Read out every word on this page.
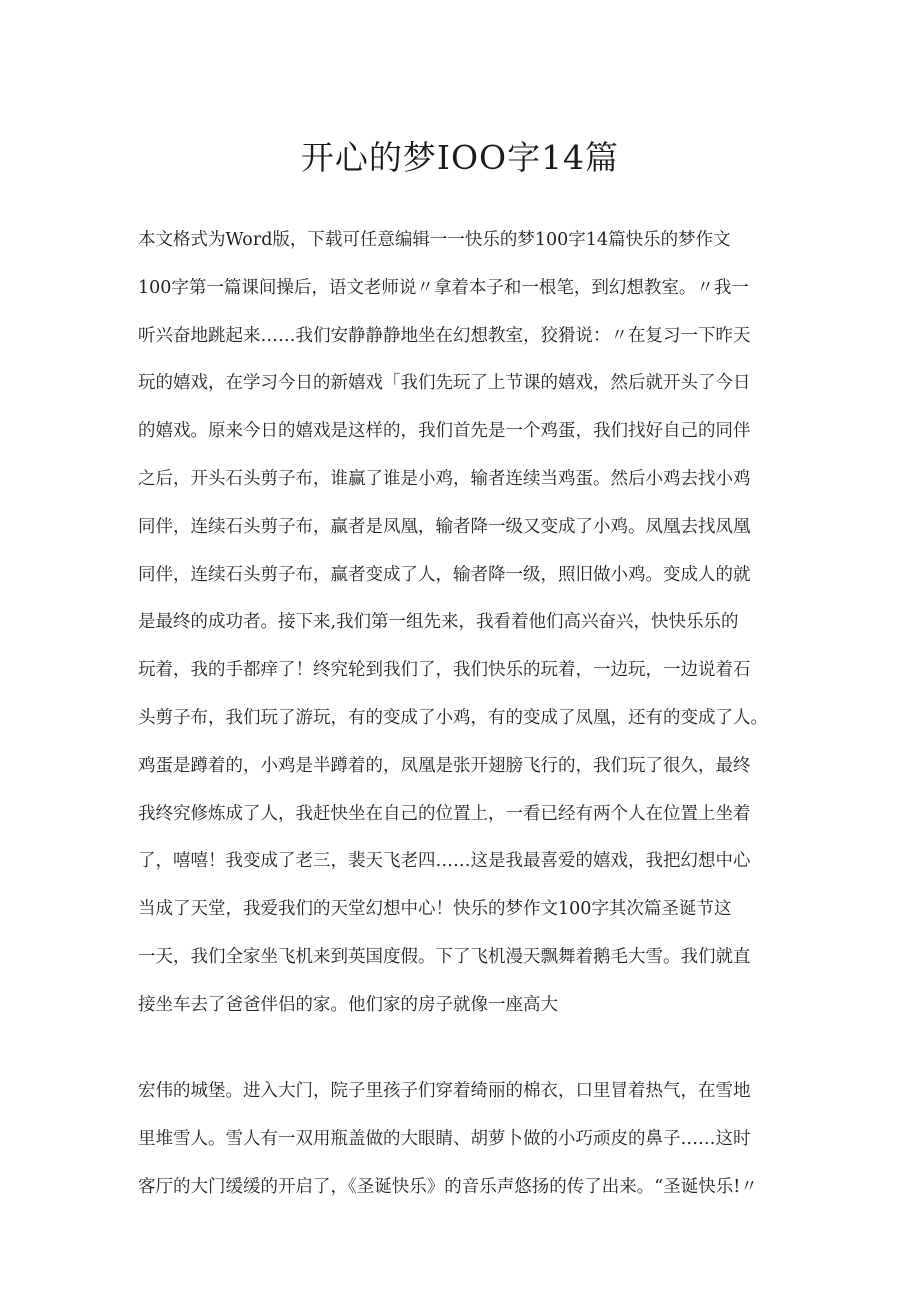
开心的梦IOO字14篇
本文格式为Word版，下载可任意编辑一一快乐的梦100字14篇快乐的梦作文
100字第一篇课间操后，语文老师说〃拿着本子和一根笔，到幻想教室。〃我一
听兴奋地跳起来……我们安静静静地坐在幻想教室，狡猾说：〃在复习一下昨天
玩的嬉戏，在学习今日的新嬉戏「我们先玩了上节课的嬉戏，然后就开头了今日
的嬉戏。原来今日的嬉戏是这样的，我们首先是一个鸡蛋，我们找好自己的同伴
之后，开头石头剪子布，谁赢了谁是小鸡，输者连续当鸡蛋。然后小鸡去找小鸡
同伴，连续石头剪子布，赢者是凤凰，输者降一级又变成了小鸡。凤凰去找凤凰
同伴，连续石头剪子布，赢者变成了人，输者降一级，照旧做小鸡。变成人的就
是最终的成功者。接下来,我们第一组先来，我看着他们高兴奋兴，快快乐乐的
玩着，我的手都痒了！终究轮到我们了，我们快乐的玩着，一边玩，一边说着石
头剪子布，我们玩了游玩，有的变成了小鸡，有的变成了凤凰，还有的变成了人。
鸡蛋是蹲着的，小鸡是半蹲着的，凤凰是张开翅膀飞行的，我们玩了很久，最终
我终究修炼成了人，我赶快坐在自己的位置上，一看已经有两个人在位置上坐着
了，嘻嘻！我变成了老三，裴天飞老四……这是我最喜爱的嬉戏，我把幻想中心
当成了天堂，我爱我们的天堂幻想中心！快乐的梦作文100字其次篇圣诞节这
一天，我们全家坐飞机来到英国度假。下了飞机漫天飘舞着鹅毛大雪。我们就直
接坐车去了爸爸伴侣的家。他们家的房子就像一座高大
宏伟的城堡。进入大门，院子里孩子们穿着绮丽的棉衣，口里冒着热气，在雪地
里堆雪人。雪人有一双用瓶盖做的大眼睛、胡萝卜做的小巧顽皮的鼻子……这时
客厅的大门缓缓的开启了，《圣诞快乐》的音乐声悠扬的传了出来。“圣诞快乐!〃
